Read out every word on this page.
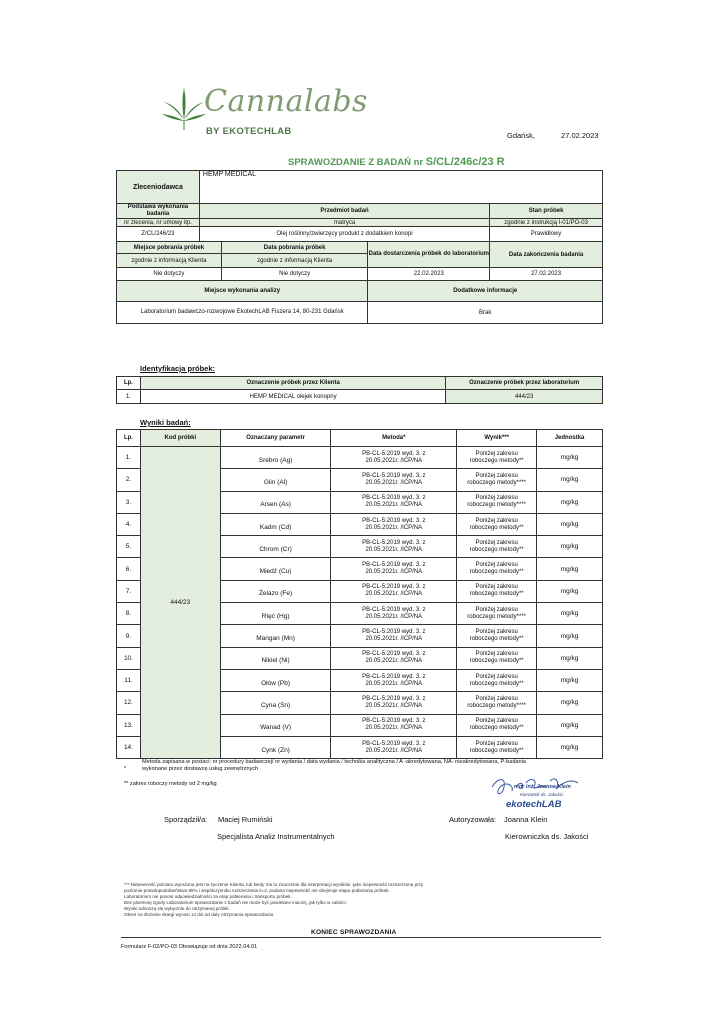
Cannalabs
BY EKOTECHLAB	Gdańsk,	27.02.2023
SPRAWOZDANIE Z BADAŃ nr S/CL/246c/23 R
Zleceniodawca	HEMP MEDICAL			
Podstawa wykonania badania	Przedmiot badań			Stan próbek
nr zlecenia, nr umowy itp.	matryca			zgodnie z instrukcją I-01/PO-03
Z/CL/246/23	Olej roślinny/zwierzęcy produkt z dodatkiem konopi			Prawidłowy
Miejsce pobrania próbek		Data pobrania próbek	Data dostarczenia próbek do laboratorium	Data zakończenia badania
zgodnie z informacją Klienta		zgodnie z informacją Klienta		
Nie dotyczy		Nie dotyczy	22.02.2023	27.02.2023
Miejsce wykonania analizy			Dodatkowe informacje	
Laboratorium badawczo-rozwojowe EkotechLAB Fiszera 14, 80-231 Gdańsk			Brak	
Identyfikacja próbek:
Lp.	Oznaczenie próbek przez Klienta	Oznaczenie próbek przez laboratorium
1.	HEMP MEDICAL olejek konopny	444/23
Wyniki badań:
Lp.	Kod próbki	Oznaczany parametr	Metoda*	Wynik***	Jednostka
1.	444/23	Srebro (Ag)	PB-CL-5:2019 wyd. 3. z 20.05.2021r. /ICP/NA	Poniżej zakresu roboczego metody**	mg/kg
2.		Glin (Al)	PB-CL-5:2019 wyd. 3. z 20.05.2021r. /ICP/NA	Poniżej zakresu roboczego metody****	mg/kg
3.		Arsen (As)	PB-CL-5:2019 wyd. 3. z 20.05.2021r. /ICP/NA	Poniżej zakresu roboczego metody****	mg/kg
4.		Kadm (Cd)	PB-CL-5:2019 wyd. 3. z 20.05.2021r. /ICP/NA	Poniżej zakresu roboczego metody**	mg/kg
5.		Chrom (Cr)	PB-CL-5:2019 wyd. 3. z 20.05.2021r. /ICP/NA	Poniżej zakresu roboczego metody**	mg/kg
6.		Miedź (Cu)	PB-CL-5:2019 wyd. 3. z 20.05.2021r. /ICP/NA	Poniżej zakresu roboczego metody**	mg/kg
7.		Żelazo (Fe)	PB-CL-5:2019 wyd. 3. z 20.05.2021r. /ICP/NA	Poniżej zakresu roboczego metody**	mg/kg
8.		Rtęć (Hg)	PB-CL-5:2019 wyd. 3. z 20.05.2021r. /ICP/NA	Poniżej zakresu roboczego metody****	mg/kg
9.		Mangan (Mn)	PB-CL-5:2019 wyd. 3. z 20.05.2021r. /ICP/NA	Poniżej zakresu roboczego metody**	mg/kg
10.		Nikiel (Ni)	PB-CL-5:2019 wyd. 3. z 20.05.2021r. /ICP/NA	Poniżej zakresu roboczego metody**	mg/kg
11.		Ołów (Pb)	PB-CL-5:2019 wyd. 3. z 20.05.2021r. /ICP/NA	Poniżej zakresu roboczego metody**	mg/kg
12.		Cyna (Sn)	PB-CL-5:2019 wyd. 3. z 20.05.2021r. /ICP/NA	Poniżej zakresu roboczego metody****	mg/kg
13.		Wanad (V)	PB-CL-5:2019 wyd. 3. z 20.05.2021r. /ICP/NA	Poniżej zakresu roboczego metody**	mg/kg
14.		Cynk (Zn)	PB-CL-5:2019 wyd. 3. z 20.05.2021r. /ICP/NA	Poniżej zakresu roboczego metody**	mg/kg
Metoda zapisana w postaci: nr procedury badawczej/ nr wydania / data wydania / technika analityczna / A -akredytowana, NA- nieakredytowana, P-badania
*	wykonane przez dostawcę usług zewnętrznych
** zakres roboczy metody od 2 mg/kg	mgr inż. Joanna Klein
Kierownik ds. Jakości
ekotechLAB
Sporządził/a: Maciej Rumiński
Specjalista Analiz Instrumentalnych
Autoryzowała: Joanna Klein
Kierowniczka ds. Jakości
*** Niepewność pomiaru wyrażona jest na życzenie Klienta, lub kiedy ma to znaczenie dla interpretacji wyników -jako niepewność rozszerzona przy
poziomie prawdopodobieństwa 95% i współczynniku rozszerzenia k=2, podana niepewność nie obejmuje etapu pobierania próbek.
Laboratorium nie ponosi odpowiedzialności za etap pobierania i transportu próbek.
Bez pisemnej zgody Laboratorium sprawozdanie z badań nie może być powielane inaczej, jak tylko w całości.
Wyniki odnoszą się wyłącznie do otrzymanej próbki.
Okres na złożenie skargi wynosi 14 dni od daty otrzymania sprawozdania
KONIEC SPRAWOZDANIA
Formularz F-02/PO-03 Obowiązuje od dnia 2022.04.01
